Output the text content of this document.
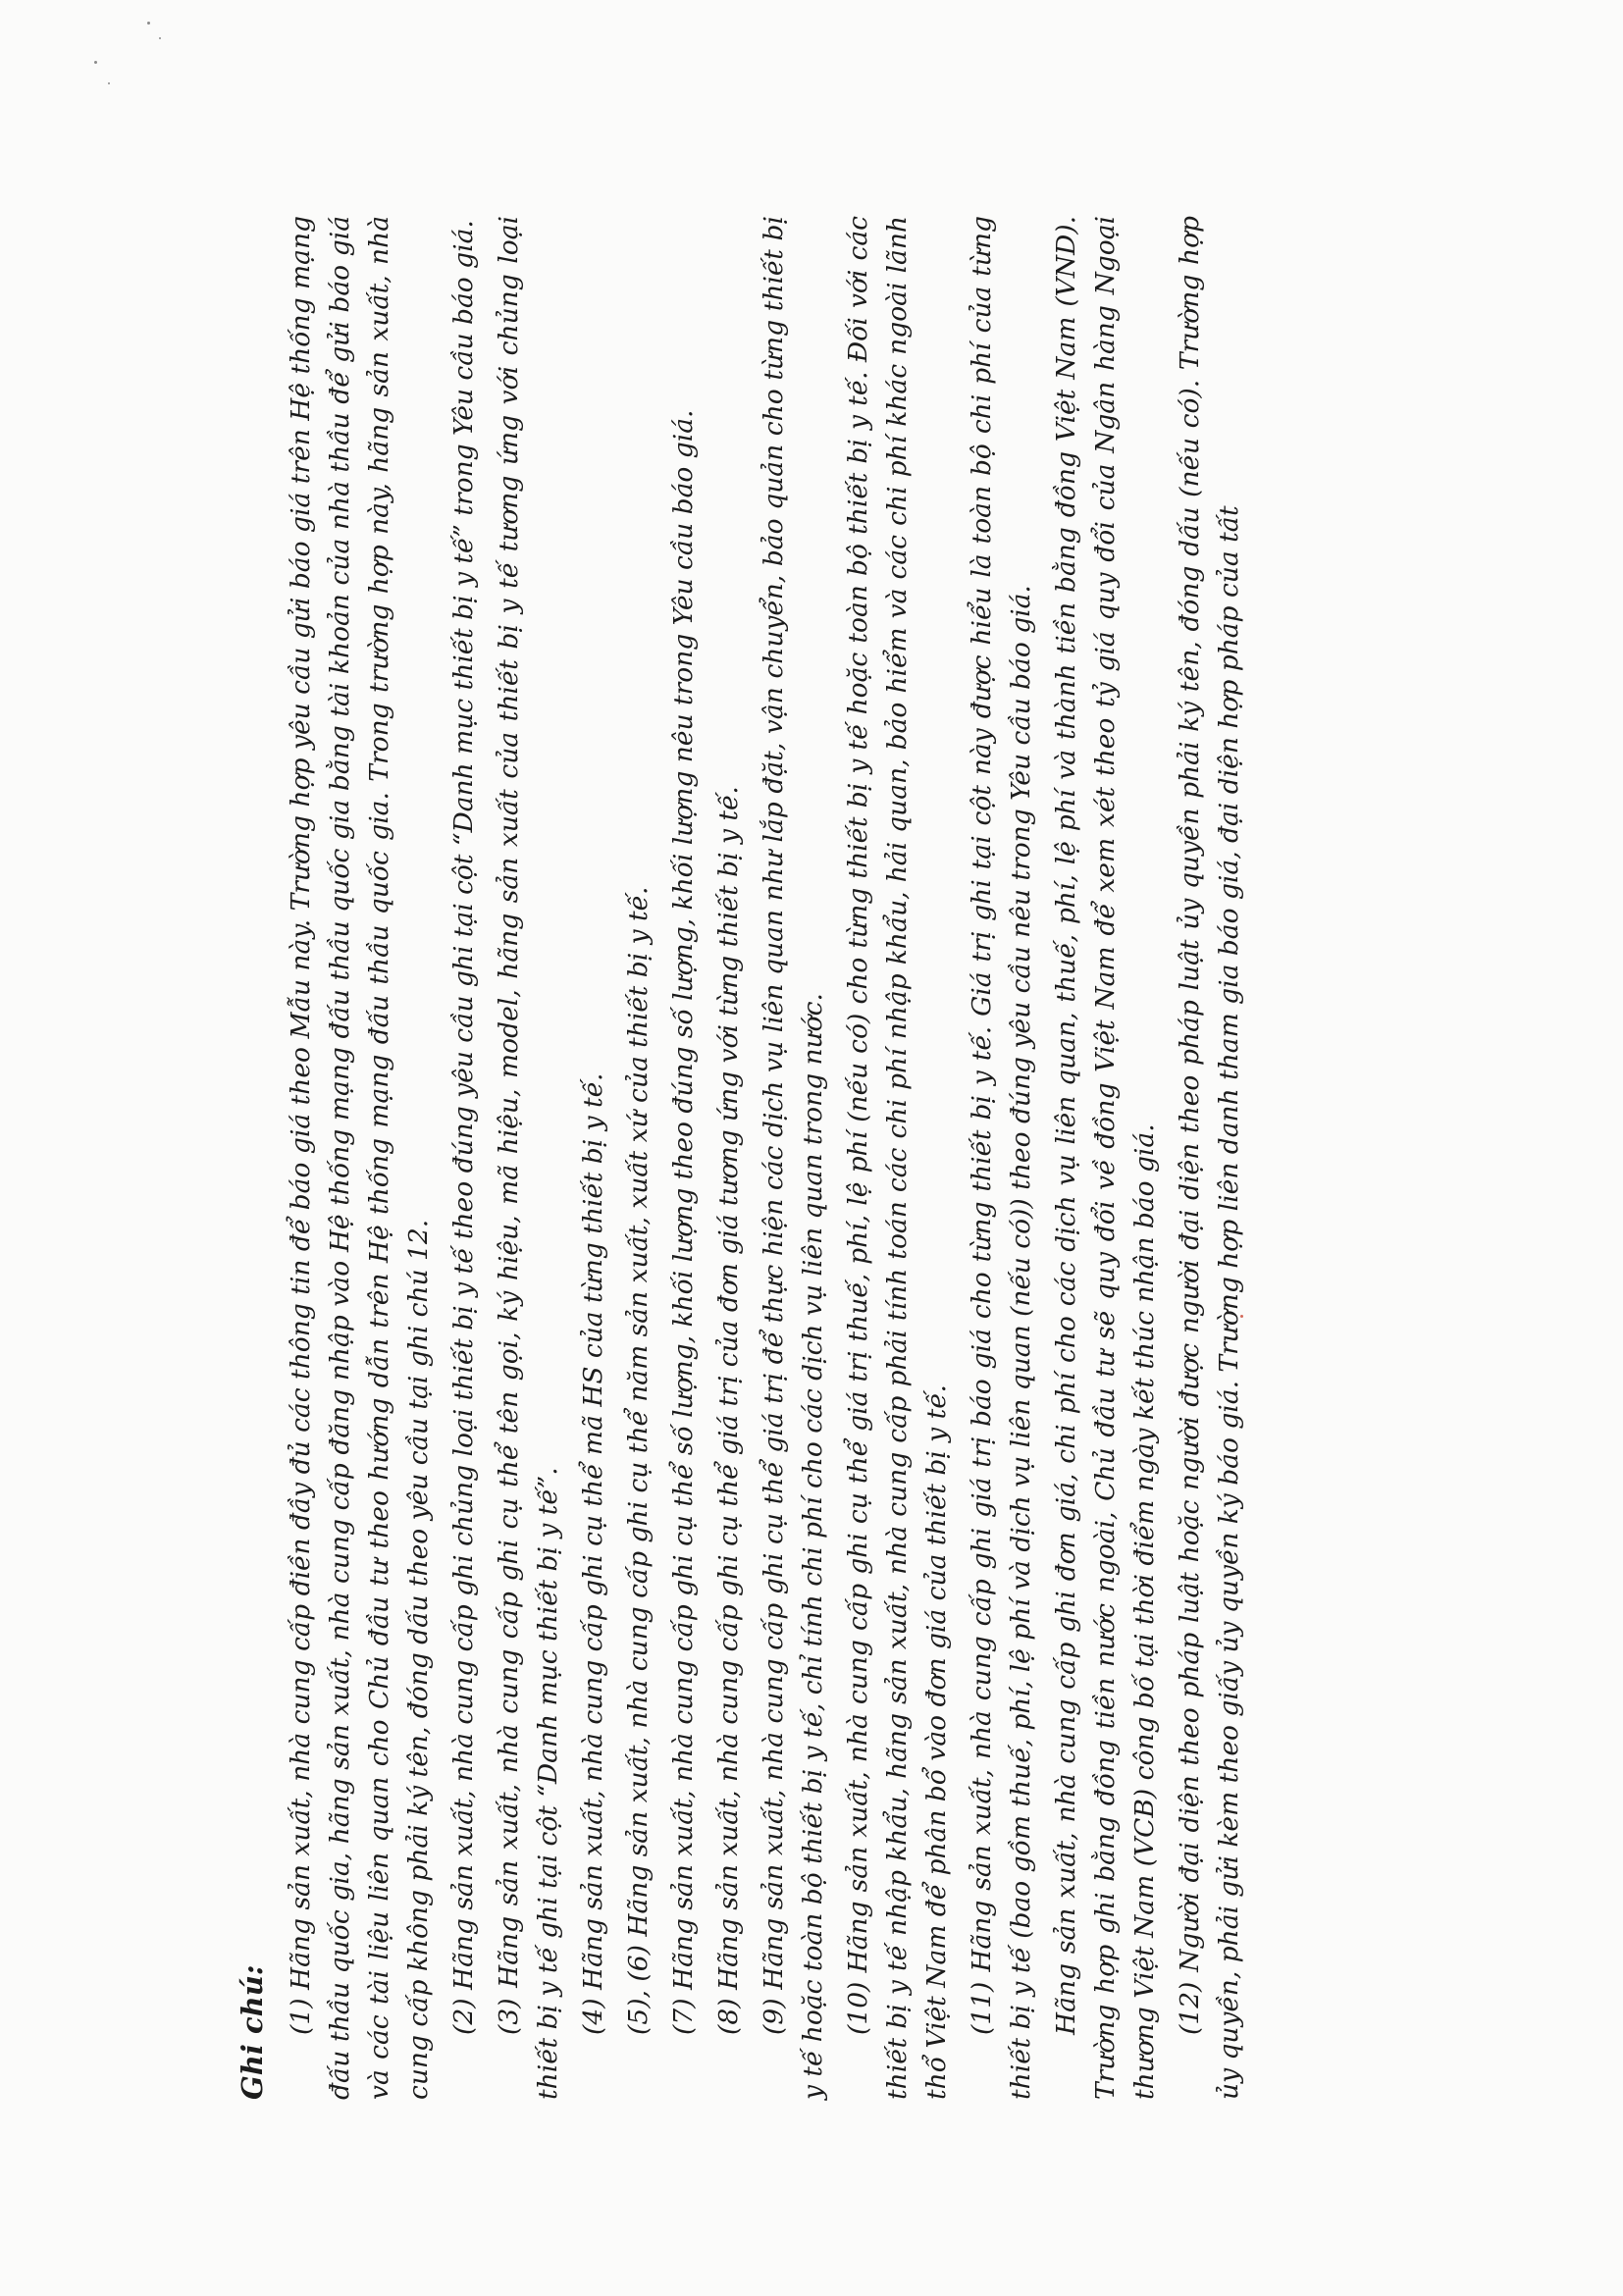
Ghi chú: (1) Hãng sản xuất, nhà cung cấp điền đầy đủ các thông tin để báo giá theo Mẫu này. Trường hợp yêu cầu gửi báo giá trên Hệ thống mạng đấu thầu quốc gia, hãng sản xuất, nhà cung cấp đăng nhập vào Hệ thống mạng đấu thầu quốc gia bằng tài khoản của nhà thầu để gửi báo giá và các tài liệu liên quan cho Chủ đầu tư theo hướng dẫn trên Hệ thống mạng đấu thầu quốc gia. Trong trường hợp này, hãng sản xuất, nhà cung cấp không phải ký tên, đóng dấu theo yêu cầu tại ghi chú 12. (2) Hãng sản xuất, nhà cung cấp ghi chủng loại thiết bị y tế theo đúng yêu cầu ghi tại cột “Danh mục thiết bị y tế” trong Yêu cầu báo giá. (3) Hãng sản xuất, nhà cung cấp ghi cụ thể tên gọi, ký hiệu, mã hiệu, model, hãng sản xuất của thiết bị y tế tương ứng với chủng loại thiết bị y tế ghi tại cột “Danh mục thiết bị y tế”. (4) Hãng sản xuất, nhà cung cấp ghi cụ thể mã HS của từng thiết bị y tế. (5), (6) Hãng sản xuất, nhà cung cấp ghi cụ thể năm sản xuất, xuất xứ của thiết bị y tế. (7) Hãng sản xuất, nhà cung cấp ghi cụ thể số lượng, khối lượng theo đúng số lượng, khối lượng nêu trong Yêu cầu báo giá. (8) Hãng sản xuất, nhà cung cấp ghi cụ thể giá trị của đơn giá tương ứng với từng thiết bị y tế. (9) Hãng sản xuất, nhà cung cấp ghi cụ thể giá trị để thực hiện các dịch vụ liên quan như lắp đặt, vận chuyển, bảo quản cho từng thiết bị y tế hoặc toàn bộ thiết bị y tế, chỉ tính chi phí cho các dịch vụ liên quan trong nước. (10) Hãng sản xuất, nhà cung cấp ghi cụ thể giá trị thuế, phí, lệ phí (nếu có) cho từng thiết bị y tế hoặc toàn bộ thiết bị y tế. Đối với các thiết bị y tế nhập khẩu, hãng sản xuất, nhà cung cấp phải tính toán các chi phí nhập khẩu, hải quan, bảo hiểm và các chi phí khác ngoài lãnh thổ Việt Nam để phân bổ vào đơn giá của thiết bị y tế. (11) Hãng sản xuất, nhà cung cấp ghi giá trị báo giá cho từng thiết bị y tế. Giá trị ghi tại cột này được hiểu là toàn bộ chi phí của từng thiết bị y tế (bao gồm thuế, phí, lệ phí và dịch vụ liên quan (nếu có)) theo đúng yêu cầu nêu trong Yêu cầu báo giá. Hãng sản xuất, nhà cung cấp ghi đơn giá, chi phí cho các dịch vụ liên quan, thuế, phí, lệ phí và thành tiền bằng đồng Việt Nam (VND). Trường hợp ghi bằng đồng tiền nước ngoài, Chủ đầu tư sẽ quy đổi về đồng Việt Nam để xem xét theo tỷ giá quy đổi của Ngân hàng Ngoại thương Việt Nam (VCB) công bố tại thời điểm ngày kết thúc nhận báo giá. (12) Người đại diện theo pháp luật hoặc người được người đại diện theo pháp luật ủy quyền phải ký tên, đóng dấu (nếu có). Trường hợp ủy quyền, phải gửi kèm theo giấy ủy quyền ký báo giá. Trường hợp liên danh tham gia báo giá, đại diện hợp pháp của tất
